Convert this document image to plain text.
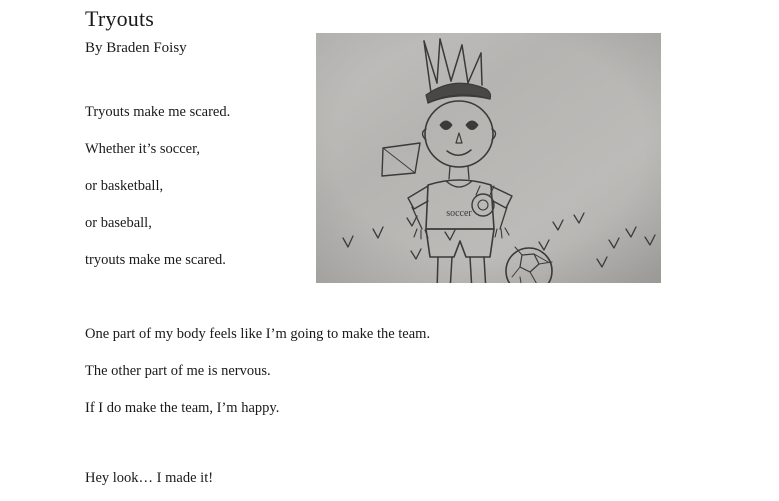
Tryouts
By Braden Foisy

Tryouts make me scared.

Whether it’s soccer,

or basketball,

or baseball,

tryouts make me scared.

One part of my body feels like I’m going to make the team.

The other part of me is nervous.

If I do make the team, I’m happy.

Hey look… I made it!

soccer
